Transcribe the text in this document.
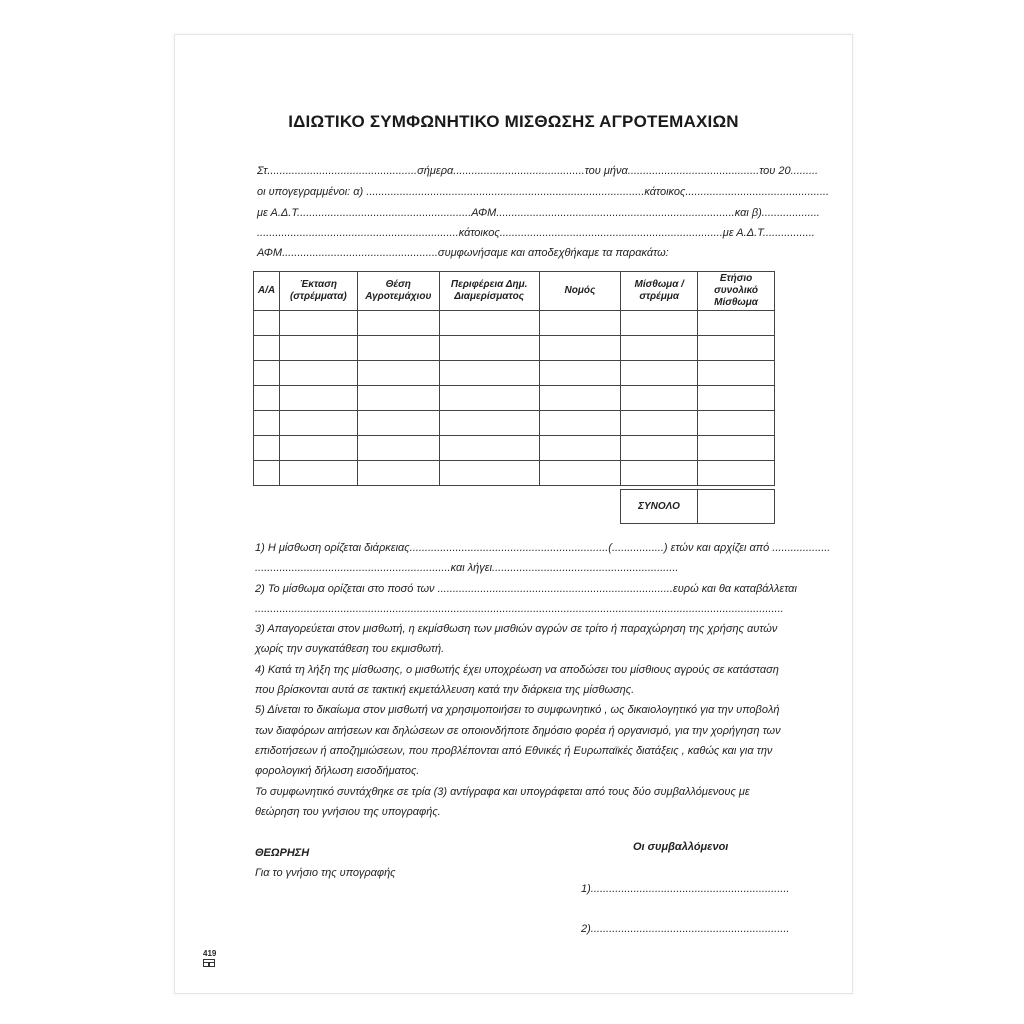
ΙΔΙΩΤΙΚΟ ΣΥΜΦΩΝΗΤΙΚΟ ΜΙΣΘΩΣΗΣ ΑΓΡΟΤΕΜΑΧΙΩΝ
Στ.................................................σήμερα...........................................του μήνα...........................................του 20.........
οι υπογεγραμμένοι: α) ...........................................................................................κάτοικος...............................................
με Α.Δ.Τ.........................................................ΑΦΜ..............................................................................και β)...................
..................................................................κάτοικος.........................................................................με Α.Δ.Τ.................
ΑΦΜ...................................................συμφωνήσαμε και αποδεχθήκαμε τα παρακάτω:
Α/Α	Έκταση (στρέμματα)	Θέση Αγροτεμάχιου	Περιφέρεια Δημ. Διαμερίσματος	Νομός	Μίσθωμα /στρέμμα	Ετήσιο συνολικό Μίσθωμα

ΣΥΝΟΛΟ	
1) Η μίσθωση ορίζεται διάρκειας.................................................................(.................) ετών και αρχίζει από ...................
................................................................και λήγει.............................................................
2) Το μίσθωμα ορίζεται στο ποσό των .............................................................................ευρώ και θα καταβάλλεται
.............................................................................................................................................................................
3) Απαγορεύεται στον μισθωτή, η εκμίσθωση των μισθιών αγρών σε τρίτο ή παραχώρηση της χρήσης αυτών
χωρίς την συγκατάθεση του εκμισθωτή.
4) Κατά τη λήξη της μίσθωσης, ο μισθωτής έχει υποχρέωση να αποδώσει του μίσθιους αγρούς σε κατάσταση
που βρίσκονται αυτά σε τακτική εκμετάλλευση κατά την διάρκεια της μίσθωσης.
5) Δίνεται το δικαίωμα στον μισθωτή να χρησιμοποιήσει το συμφωνητικό , ως δικαιολογητικό για την υποβολή
των διαφόρων αιτήσεων και δηλώσεων σε οποιονδήποτε δημόσιο φορέα ή οργανισμό, για την χορήγηση των
επιδοτήσεων ή αποζημιώσεων, που προβλέπονται από Εθνικές ή Ευρωπαϊκές διατάξεις , καθώς και για την
φορολογική δήλωση εισοδήματος.
Το συμφωνητικό συντάχθηκε σε τρία (3) αντίγραφα και υπογράφεται από τους δύο συμβαλλόμενους με
θεώρηση του γνήσιου της υπογραφής.
ΘΕΩΡΗΣΗ
Για το γνήσιο της υπογραφής
Οι συμβαλλόμενοι
1).................................................................
2).................................................................
419
